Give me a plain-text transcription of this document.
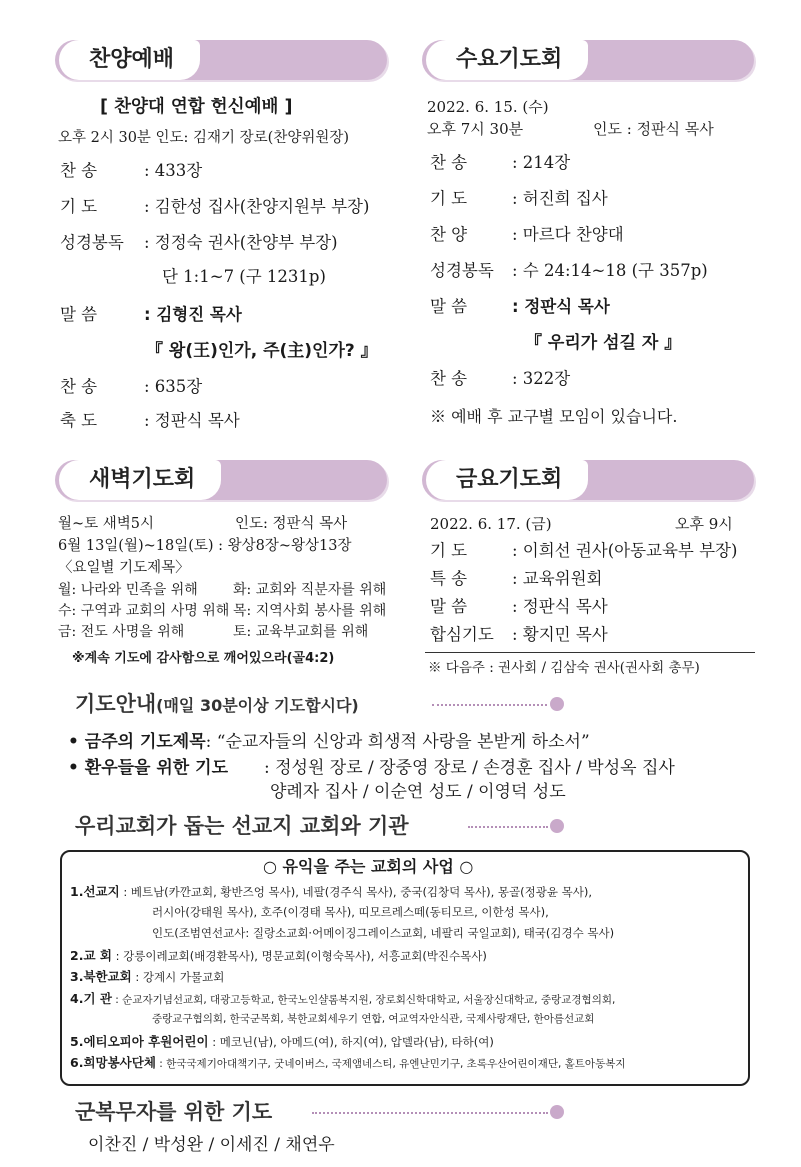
찬양예배
[ 찬양대 연합 헌신예배 ]
오후 2시 30분 인도: 김재기 장로(찬양위원장)
찬 송	: 433장
기 도	: 김한성 집사(찬양지원부 부장)
성경봉독 : 정정숙 권사(찬양부 부장)
단 1:1~7 (구 1231p)
말 씀	: 김형진 목사
『 왕(王)인가, 주(主)인가? 』
찬 송	: 635장
축 도	: 정판식 목사
수요기도회
2022. 6. 15. (수)
오후 7시 30분	인도 : 정판식 목사
찬 송	: 214장
기 도	: 허진희 집사
찬 양	: 마르다 찬양대
성경봉독 : 수 24:14~18 (구 357p)
말 씀	: 정판식 목사
『 우리가 섬길 자 』
찬 송	: 322장
※ 예배 후 교구별 모임이 있습니다.
새벽기도회
월~토 새벽5시	인도: 정판식 목사
6월 13일(월)~18일(토) : 왕상8장~왕상13장
〈요일별 기도제목〉
월: 나라와 민족을 위해	화: 교회와 직분자를 위해
수: 구역과 교회의 사명 위해 목: 지역사회 봉사를 위해
금: 전도 사명을 위해	토: 교육부교회를 위해
※계속 기도에 감사함으로 깨어있으라(골4:2)
금요기도회
2022. 6. 17. (금)	오후 9시
기 도	: 이희선 권사(아동교육부 부장)
특 송	: 교육위원회
말 씀	: 정판식 목사
합심기도 : 황지민 목사
※ 다음주 : 권사회 / 김삼숙 권사(권사회 총무)
기도안내(매일 30분이상 기도합시다)
• 금주의 기도제목: “순교자들의 신앙과 희생적 사랑을 본받게 하소서”
• 환우들을 위한 기도 : 정성원 장로 / 장중영 장로 / 손경훈 집사 / 박성옥 집사
양례자 집사 / 이순연 성도 / 이영덕 성도
우리교회가 돕는 선교지 교회와 기관
○ 유익을 주는 교회의 사업 ○
1.선교지 : 베트남(카깐교회, 황반즈엉 목사), 네팔(경주식 목사), 중국(김창덕 목사), 몽골(정광윤 목사),
러시아(강태원 목사), 호주(이경태 목사), 띠모르레스떼(동티모르, 이한성 목사),
인도(조범연선교사: 질랑소교회·어메이징그레이스교회, 네팔리 국일교회), 태국(김경수 목사)
2.교 회 : 강릉이레교회(배경환목사), 명문교회(이형숙목사), 서흥교회(박진수목사)
3.북한교회 : 강계시 가물교회
4.기 관 : 순교자기념선교회, 대광고등학교, 한국노인샬롬복지원, 장로회신학대학교, 서울장신대학교, 중랑교경협의회,
중랑교구협의회, 한국군목회, 북한교회세우기 연합, 여교역자안식관, 국제사랑재단, 한아름선교회
5.에티오피아 후원어린이 : 메코닌(남), 아메드(여), 하지(여), 압델라(남), 타하(여)
6.희망봉사단체 : 한국국제기아대책기구, 굿네이버스, 국제앰네스티, 유엔난민기구, 초록우산어린이재단, 홀트아동복지
군복무자를 위한 기도
이찬진 / 박성완 / 이세진 / 채연우
